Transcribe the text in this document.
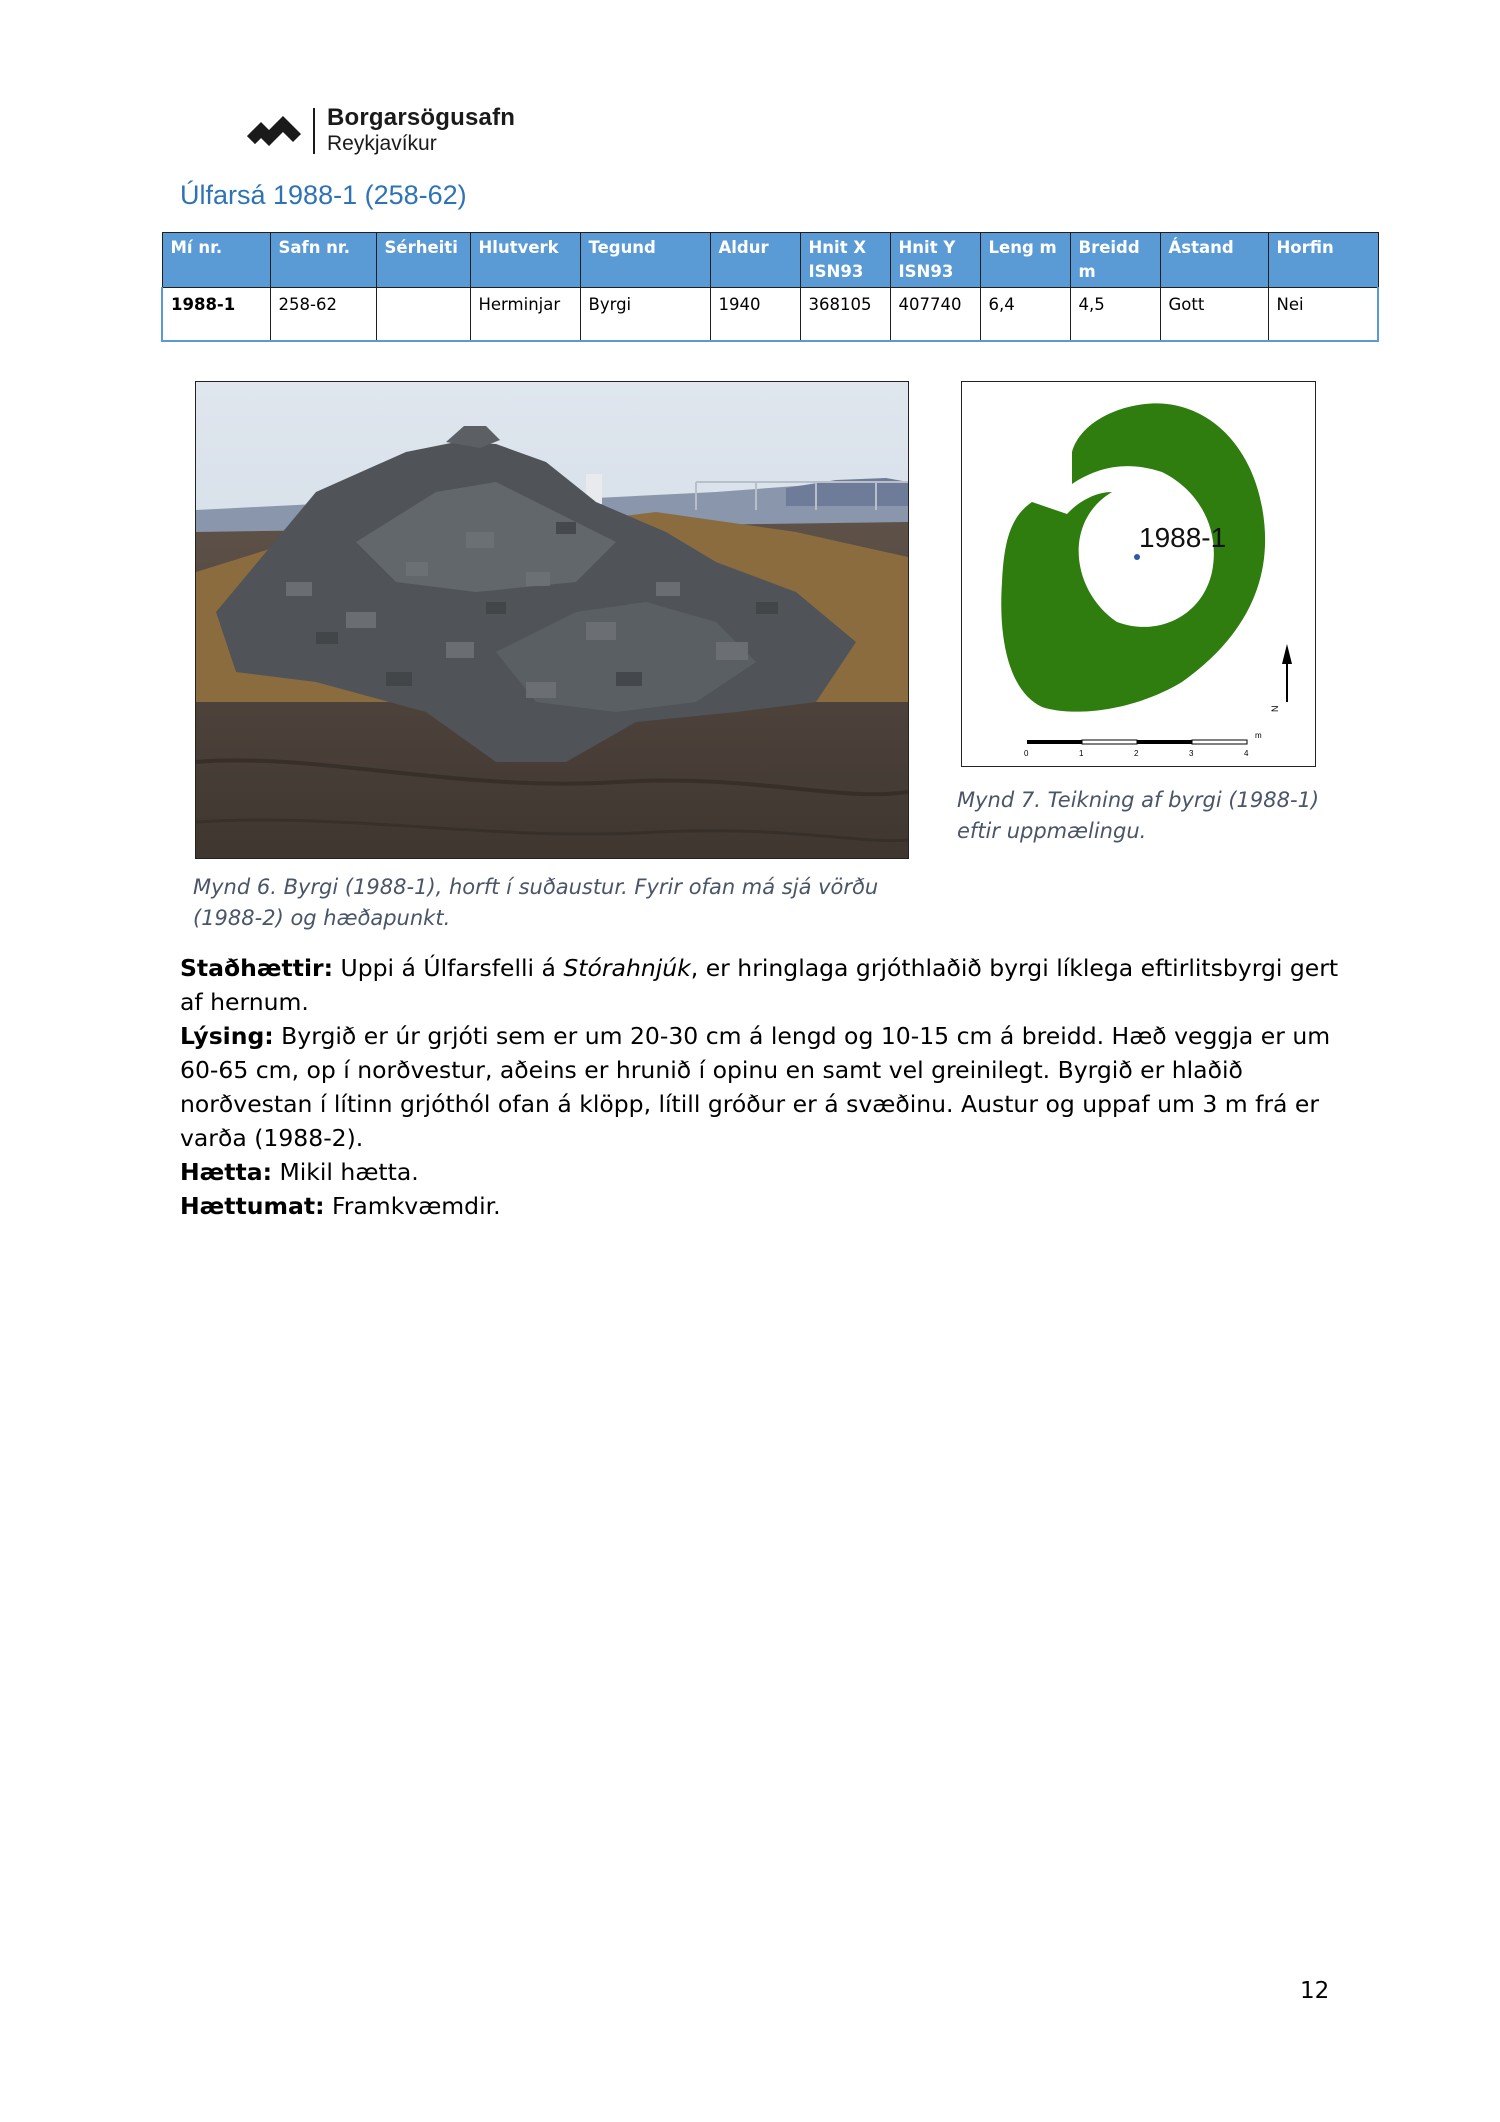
Borgarsögusafn
Reykjavíkur
Úlfarsá 1988-1 (258-62)
Mí nr.	Safn nr.	Sérheiti	Hlutverk	Tegund	Aldur	Hnit X ISN93	Hnit Y ISN93	Leng m	Breidd m	Ástand	Horfin
1988-1	258-62		Herminjar	Byrgi	1940	368105	407740	6,4	4,5	Gott	Nei
1988-1
N
0	1	2	3	4
m
Mynd 6. Byrgi (1988-1), horft í suðaustur. Fyrir ofan má sjá vörðu (1988-2) og hæðapunkt.
Mynd 7. Teikning af byrgi (1988-1) eftir uppmælingu.

Staðhættir: Uppi á Úlfarsfelli á Stórahnjúk, er hringlaga grjóthlaðið byrgi líklega eftirlitsbyrgi gert af hernum.

Lýsing: Byrgið er úr grjóti sem er um 20-30 cm á lengd og 10-15 cm á breidd. Hæð veggja er um 60-65 cm, op í norðvestur, aðeins er hrunið í opinu en samt vel greinilegt. Byrgið er hlaðið norðvestan í lítinn grjóthól ofan á klöpp, lítill gróður er á svæðinu. Austur og uppaf um 3 m frá er varða (1988-2).

Hætta: Mikil hætta.

Hættumat: Framkvæmdir.

12
